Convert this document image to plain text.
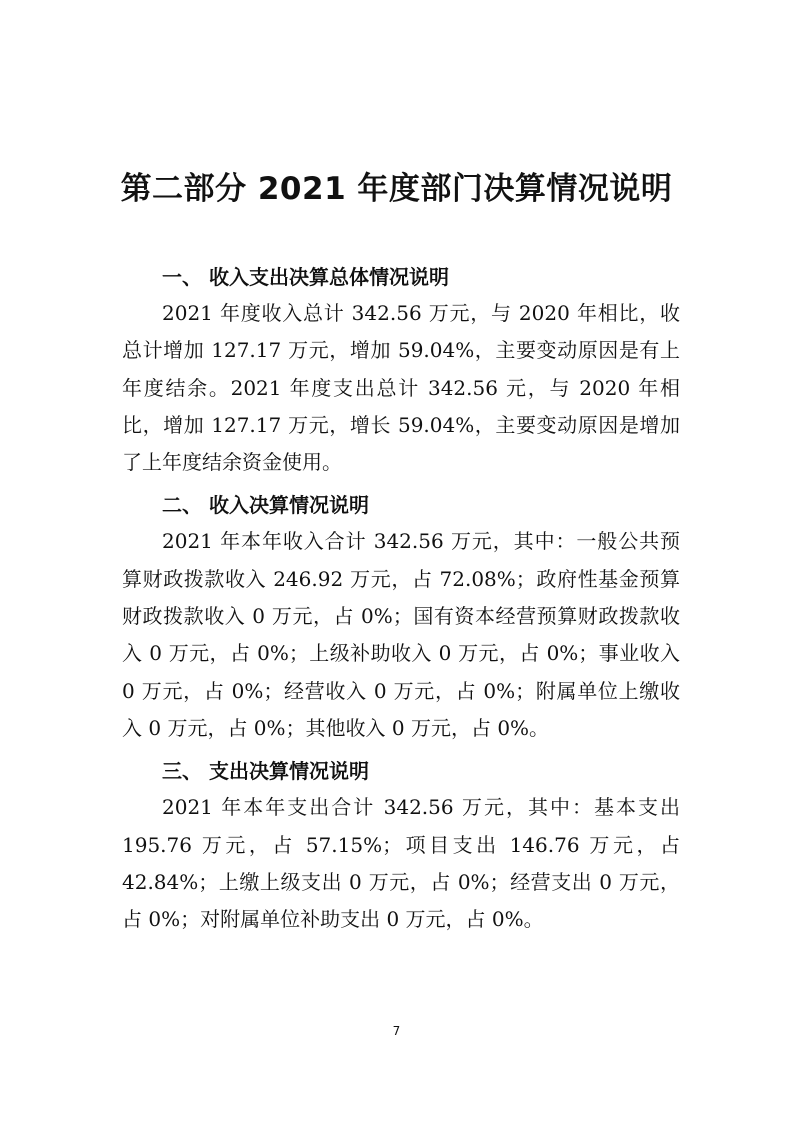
第二部分 2021 年度部门决算情况说明
一、 收入支出决算总体情况说明

2021 年度收入总计 342.56 万元，与 2020 年相比，收总计增加 127.17 万元，增加 59.04%，主要变动原因是有上年度结余。2021 年度支出总计 342.56 元，与 2020 年相比，增加 127.17 万元，增长 59.04%，主要变动原因是增加了上年度结余资金使用。

二、 收入决算情况说明

2021 年本年收入合计 342.56 万元，其中：一般公共预算财政拨款收入 246.92 万元，占 72.08%；政府性基金预算财政拨款收入 0 万元，占 0%；国有资本经营预算财政拨款收入 0 万元，占 0%；上级补助收入 0 万元，占 0%；事业收入 0 万元，占 0%；经营收入 0 万元，占 0%；附属单位上缴收入 0 万元，占 0%；其他收入 0 万元，占 0%。

三、 支出决算情况说明

2021 年本年支出合计 342.56 万元，其中：基本支出 195.76 万元，占 57.15%；项目支出 146.76 万元，占 42.84%；上缴上级支出 0 万元，占 0%；经营支出 0 万元，占 0%；对附属单位补助支出 0 万元，占 0%。

7
